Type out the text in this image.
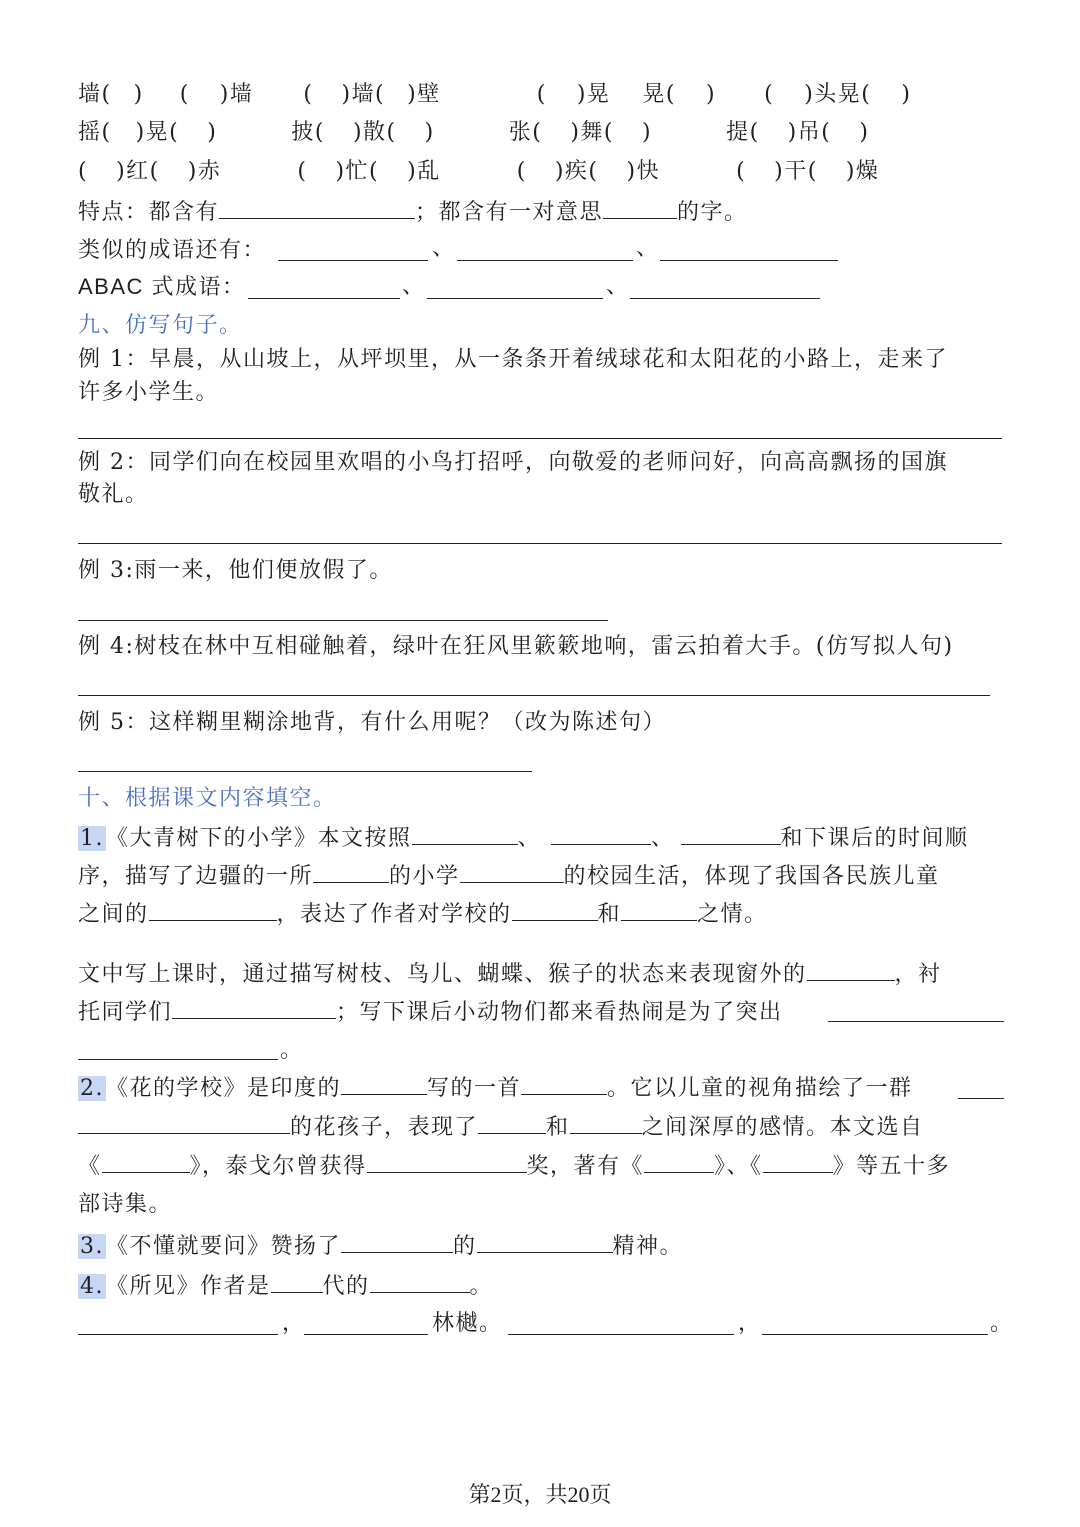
墙( ) ( )墙 ( )墙( )壁	( )晃 晃( ) ( )头晃( )
摇( )晃( )	披( )散( )	张( )舞( )	提( )吊( )
( )红( )赤	( )忙( )乱	( )疾( )快	( )干( )燥
特点：都含有	；都含有一对意思	的字。
类似的成语还有：	、	、
ABAC 式成语：	、	、
九、仿写句子。
例 1：早晨，从山坡上，从坪坝里，从一条条开着绒球花和太阳花的小路上，走来了
许多小学生。
例 2：同学们向在校园里欢唱的小鸟打招呼，向敬爱的老师问好，向高高飘扬的国旗
敬礼。
例 3:雨一来，他们便放假了。
例 4:树枝在林中互相碰触着，绿叶在狂风里簌簌地响，雷云拍着大手。(仿写拟人句)
例 5：这样糊里糊涂地背，有什么用呢？（改为陈述句）
十、根据课文内容填空。
1.《大青树下的小学》本文按照	、	、	和下课后的时间顺
序，描写了边疆的一所	的小学	的校园生活，体现了我国各民族儿童
之间的	，表达了作者对学校的	和	之情。
文中写上课时，通过描写树枝、鸟儿、蝴蝶、猴子的状态来表现窗外的	，衬
托同学们	；写下课后小动物们都来看热闹是为了突出
。
2.《花的学校》是印度的	写的一首	。它以儿童的视角描绘了一群
的花孩子，表现了	和	之间深厚的感情。本文选自
《	》，泰戈尔曾获得	奖，著有《	》、《	》等五十多
部诗集。
3.《不懂就要问》赞扬了	的	精神。
4.《所见》作者是 代的	。
，	林樾。	，	。
第2页，共20页
